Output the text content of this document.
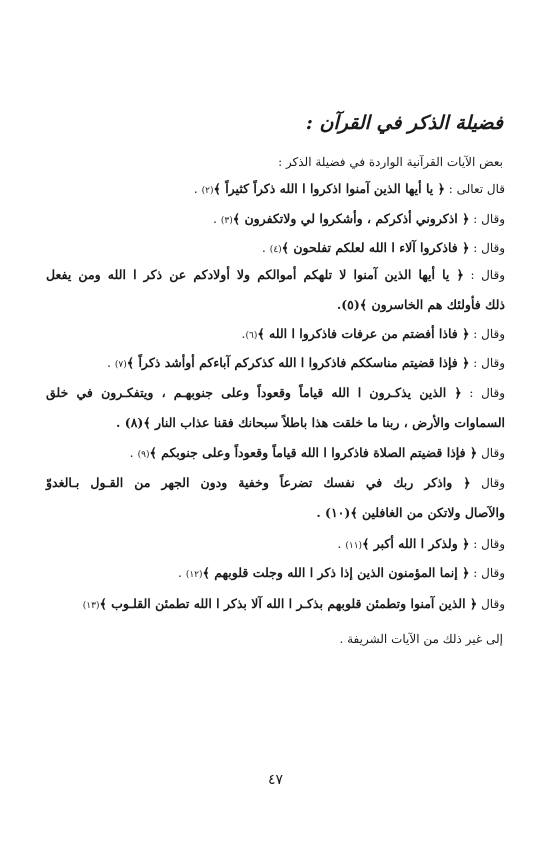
فضيلة الذكر في القرآن :
بعض الآيات القرآنية الواردة في فضيلة الذكر :
قال تعالى : ﴿ يا أيها الذين آمنوا اذكروا ا الله ذكراً كثيراً ﴾(٢) .
وقال : ﴿ اذكروني أذكركم ، وأشكروا لي ولاتكفرون ﴾(٣) .
وقال : ﴿ فاذكروا آلاء ا الله لعلكم تفلحون ﴾(٤) .
وقال : ﴿ يا أيها الذين آمنوا لا تلهكم أموالكم ولا أولادكم عن ذكر ا الله ومن يفعل
ذلك فأولئك هم الخاسرون ﴾(٥).
وقال : ﴿ فاذا أفضتم من عرفات فاذكروا ا الله ﴾(٦).
وقال : ﴿ فإذا قضيتم مناسككم فاذكروا ا الله كذكركم آباءكم أوأشد ذكراً ﴾(٧) .
وقال : ﴿ الذين يذكـرون ا الله قياماً وقعوداً وعلى جنوبهـم ، ويتفكـرون في خلق
السماوات والأرض ، ربنا ما خلقت هذا باطلاً سبحانك فقنا عذاب النار ﴾(٨) .
وقال ﴿ فإذا قضيتم الصلاة فاذكروا ا الله قياماً وقعوداً وعلى جنوبكم ﴾(٩) .
وقال ﴿ واذكر ربك في نفسك تضرعاً وخفية ودون الجهر من القـول بـالغدوّ
والآصال ولاتكن من الغافلين ﴾(١٠) .
وقال : ﴿ ولذكر ا الله أكبر ﴾(١١) .
وقال : ﴿ إنما المؤمنون الذين إذا ذكر ا الله وجلت قلوبهم ﴾(١٢) .
وقال ﴿ الذين آمنوا وتطمئن قلوبهم بذكـر ا الله آلا بذكر ا الله تطمئن القلـوب ﴾(١٣)
إلى غير ذلك من الآيات الشريفة .
٤٧
